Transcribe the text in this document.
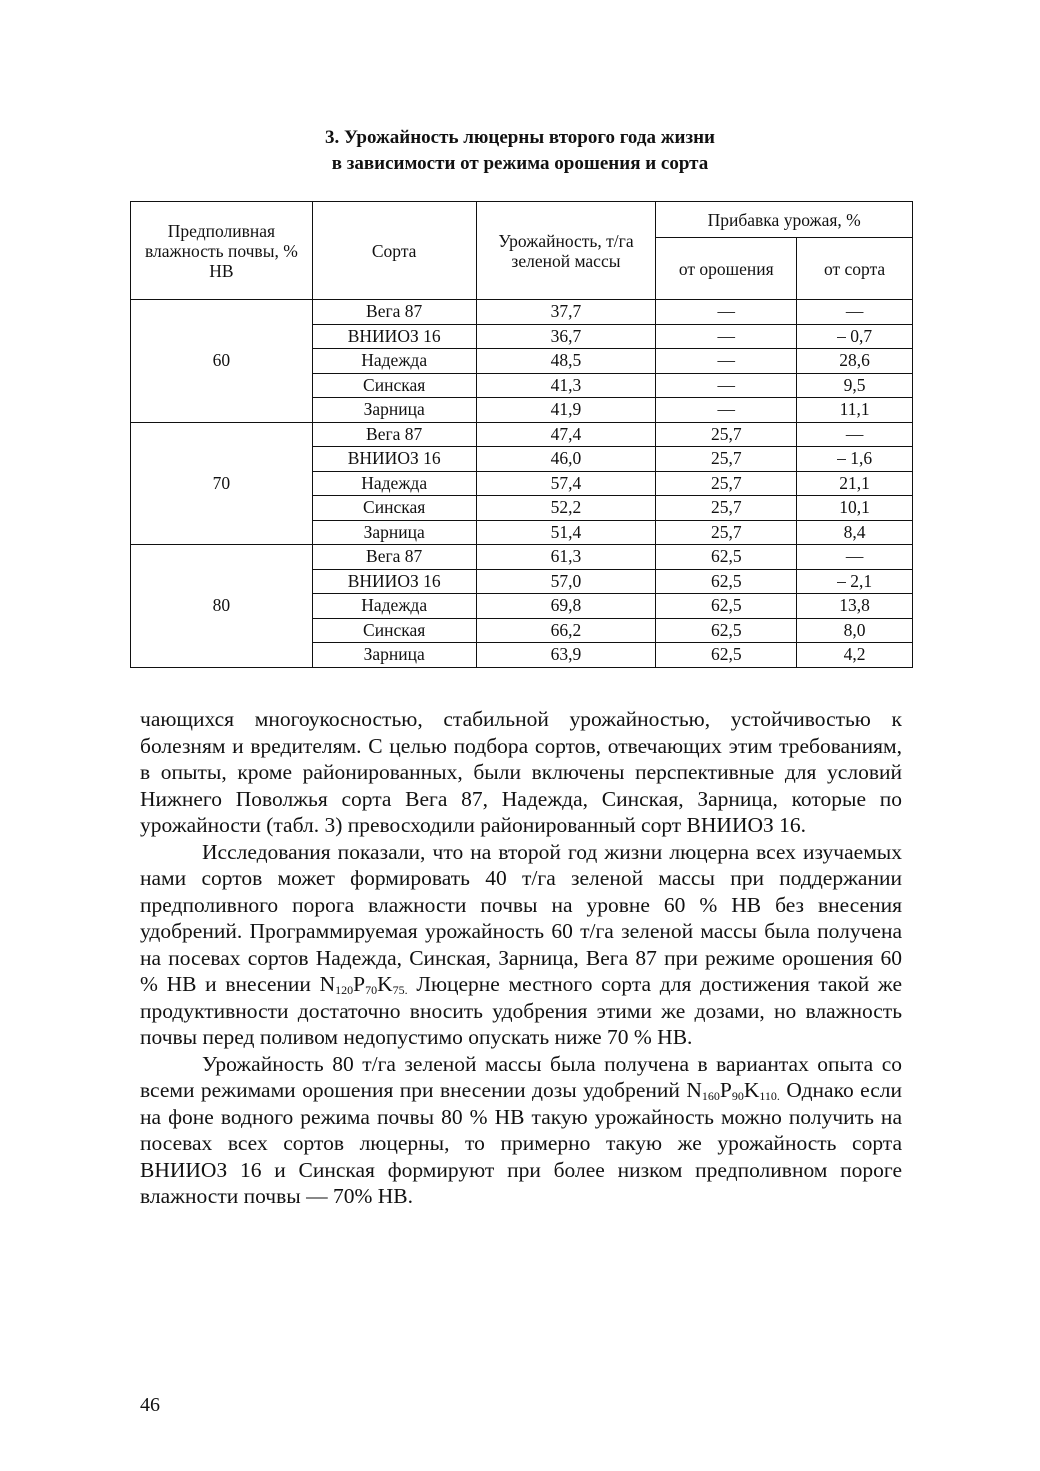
3. Урожайность люцерны второго года жизни
в зависимости от режима орошения и сорта
Предполивная влажность почвы, % НВ	Сорта	Урожайность, т/га зеленой массы	Прибавка урожая, %	
			от орошения	от сорта
60	Вега 87	37,7	—	—
	ВНИИОЗ 16	36,7	—	– 0,7
	Надежда	48,5	—	28,6
	Синская	41,3	—	9,5
	Зарница	41,9	—	11,1
70	Вега 87	47,4	25,7	—
	ВНИИОЗ 16	46,0	25,7	– 1,6
	Надежда	57,4	25,7	21,1
	Синская	52,2	25,7	10,1
	Зарница	51,4	25,7	8,4
80	Вега 87	61,3	62,5	—
	ВНИИОЗ 16	57,0	62,5	– 2,1
	Надежда	69,8	62,5	13,8
	Синская	66,2	62,5	8,0
	Зарница	63,9	62,5	4,2

чающихся многоукосностью, стабильной урожайностью, устойчивостью к болезням и вредителям. С целью подбора сортов, отвечающих этим требованиям, в опыты, кроме районированных, были включены перспективные для условий Нижнего Поволжья сорта Вега 87, Надежда, Синская, Зарница, которые по урожайности (табл. 3) превосходили районированный сорт ВНИИОЗ 16.

Исследования показали, что на второй год жизни люцерна всех изучаемых нами сортов может формировать 40 т/га зеленой массы при поддержании предполивного порога влажности почвы на уровне 60 % НВ без внесения удобрений. Программируемая урожайность 60 т/га зеленой массы была получена на посевах сортов Надежда, Синская, Зарница, Вега 87 при режиме орошения 60 % НВ и внесении $N_{120}P_{70}K_{75.}$ Люцерне местного сорта для достижения такой же продуктивности достаточно вносить удобрения этими же дозами, но влажность почвы перед поливом недопустимо опускать ниже 70 % НВ.

Урожайность 80 т/га зеленой массы была получена в вариантах опыта со всеми режимами орошения при внесении дозы удобрений $N_{160}P_{90}K_{110.}$ Однако если на фоне водного режима почвы 80 % НВ такую урожайность можно получить на посевах всех сортов люцерны, то примерно такую же урожайность сорта ВНИИОЗ 16 и Синская формируют при более низком предполивном пороге влажности почвы — 70% НВ.

46
